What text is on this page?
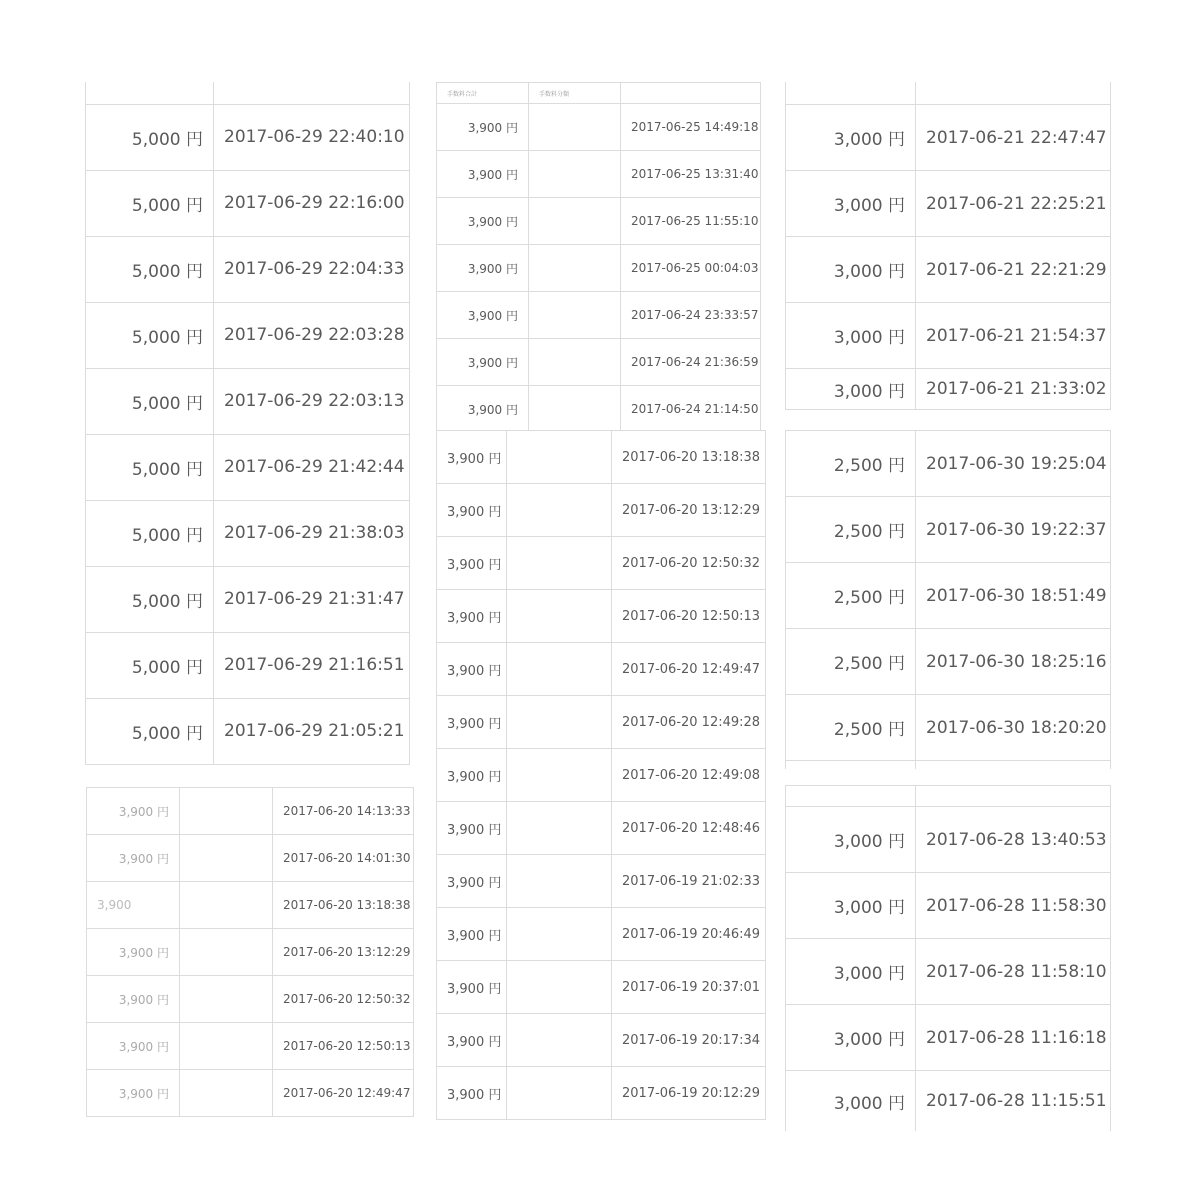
5,000 円	2017-06-29 22:40:10
5,000 円	2017-06-29 22:16:00
5,000 円	2017-06-29 22:04:33
5,000 円	2017-06-29 22:03:28
5,000 円	2017-06-29 22:03:13
5,000 円	2017-06-29 21:42:44
5,000 円	2017-06-29 21:38:03
5,000 円	2017-06-29 21:31:47
5,000 円	2017-06-29 21:16:51
5,000 円	2017-06-29 21:05:21
手数料合計	手数料分類	
3,900 円		2017-06-25 14:49:18
3,900 円		2017-06-25 13:31:40
3,900 円		2017-06-25 11:55:10
3,900 円		2017-06-25 00:04:03
3,900 円		2017-06-24 23:33:57
3,900 円		2017-06-24 21:36:59
3,900 円		2017-06-24 21:14:50

3,000 円	2017-06-21 22:47:47
3,000 円	2017-06-21 22:25:21
3,000 円	2017-06-21 22:21:29
3,000 円	2017-06-21 21:54:37
3,000 円	2017-06-21 21:33:02
3,900 円		2017-06-20 13:18:38
3,900 円		2017-06-20 13:12:29
3,900 円		2017-06-20 12:50:32
3,900 円		2017-06-20 12:50:13
3,900 円		2017-06-20 12:49:47
3,900 円		2017-06-20 12:49:28
3,900 円		2017-06-20 12:49:08
3,900 円		2017-06-20 12:48:46
3,900 円		2017-06-19 21:02:33
3,900 円		2017-06-19 20:46:49
3,900 円		2017-06-19 20:37:01
3,900 円		2017-06-19 20:17:34
3,900 円		2017-06-19 20:12:29
2,500 円	2017-06-30 19:25:04
2,500 円	2017-06-30 19:22:37
2,500 円	2017-06-30 18:51:49
2,500 円	2017-06-30 18:25:16
2,500 円	2017-06-30 18:20:20

3,900 円		2017-06-20 14:13:33
3,900 円		2017-06-20 14:01:30
3,900		2017-06-20 13:18:38
3,900 円		2017-06-20 13:12:29
3,900 円		2017-06-20 12:50:32
3,900 円		2017-06-20 12:50:13
3,900 円		2017-06-20 12:49:47

3,000 円	2017-06-28 13:40:53
3,000 円	2017-06-28 11:58:30
3,000 円	2017-06-28 11:58:10
3,000 円	2017-06-28 11:16:18
3,000 円	2017-06-28 11:15:51
